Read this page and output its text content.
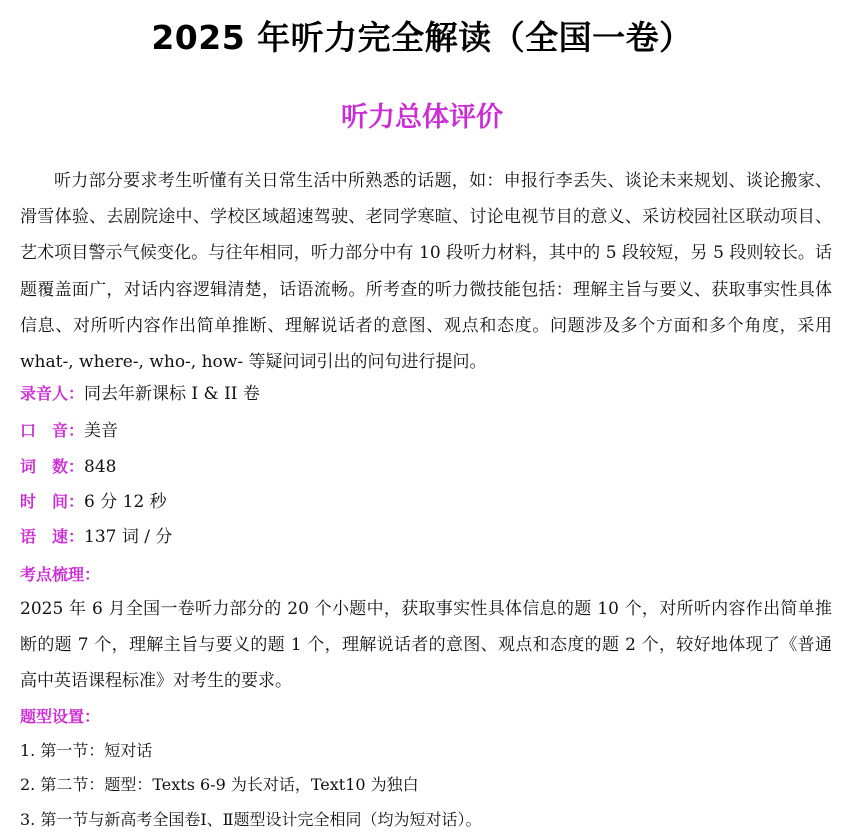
2025 年听力完全解读（全国一卷）
听力总体评价

听力部分要求考生听懂有关日常生活中所熟悉的话题，如：申报行李丢失、谈论未来规划、谈论搬家、滑雪体验、去剧院途中、学校区域超速驾驶、老同学寒暄、讨论电视节目的意义、采访校园社区联动项目、艺术项目警示气候变化。与往年相同，听力部分中有 10 段听力材料，其中的 5 段较短，另 5 段则较长。话题覆盖面广，对话内容逻辑清楚，话语流畅。所考查的听力微技能包括：理解主旨与要义、获取事实性具体信息、对所听内容作出简单推断、理解说话者的意图、观点和态度。问题涉及多个方面和多个角度，采用 what-, where-, who-, how- 等疑问词引出的问句进行提问。

录音人：同去年新课标 I & II 卷
口　音：美音
词　数：848
时　间：6 分 12 秒
语　速：137 词 / 分
考点梳理：

2025 年 6 月全国一卷听力部分的 20 个小题中，获取事实性具体信息的题 10 个，对所听内容作出简单推断的题 7 个，理解主旨与要义的题 1 个，理解说话者的意图、观点和态度的题 2 个，较好地体现了《普通高中英语课程标准》对考生的要求。

题型设置：
1. 第一节：短对话
2. 第二节：题型：Texts 6-9 为长对话，Text10 为独白
3. 第一节与新高考全国卷Ⅰ、Ⅱ题型设计完全相同（均为短对话）。
